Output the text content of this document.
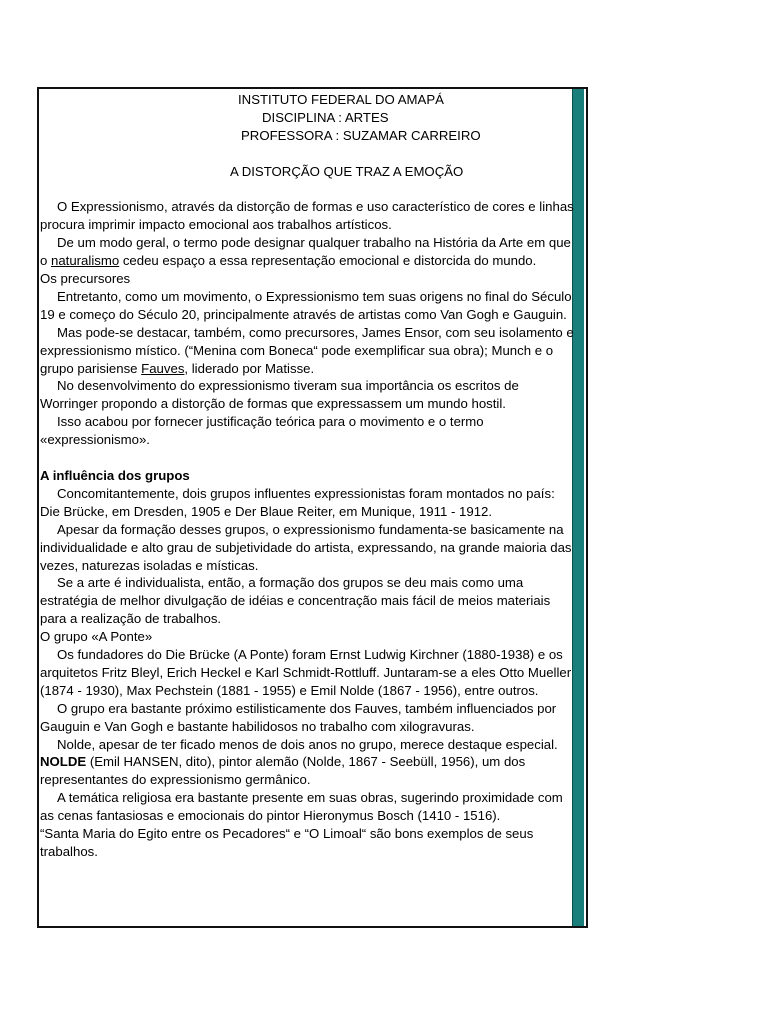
INSTITUTO FEDERAL DO AMAPÁ
DISCIPLINA : ARTES
PROFESSORA : SUZAMAR CARREIRO
A DISTORÇÃO QUE TRAZ A EMOÇÃO

O Expressionismo, através da distorção de formas e uso característico de cores e linhas procura imprimir impacto emocional aos trabalhos artísticos.

De um modo geral, o termo pode designar qualquer trabalho na História da Arte em que o naturalismo cedeu espaço a essa representação emocional e distorcida do mundo.

Os precursores

Entretanto, como um movimento, o Expressionismo tem suas origens no final do Século 19 e começo do Século 20, principalmente através de artistas como Van Gogh e Gauguin.

Mas pode-se destacar, também, como precursores, James Ensor, com seu isolamento e expressionismo místico. (“Menina com Boneca“ pode exemplificar sua obra); Munch e o grupo parisiense Fauves, liderado por Matisse.

No desenvolvimento do expressionismo tiveram sua importância os escritos de Worringer propondo a distorção de formas que expressassem um mundo hostil.

Isso acabou por fornecer justificação teórica para o movimento e o termo «expressionismo».

A influência dos grupos

Concomitantemente, dois grupos influentes expressionistas foram montados no país: Die Brücke, em Dresden, 1905 e Der Blaue Reiter, em Munique, 1911 - 1912.

Apesar da formação desses grupos, o expressionismo fundamenta-se basicamente na individualidade e alto grau de subjetividade do artista, expressando, na grande maioria das vezes, naturezas isoladas e místicas.

Se a arte é individualista, então, a formação dos grupos se deu mais como uma estratégia de melhor divulgação de idéias e concentração mais fácil de meios materiais para a realização de trabalhos.

O grupo «A Ponte»

Os fundadores do Die Brücke (A Ponte) foram Ernst Ludwig Kirchner (1880-1938) e os arquitetos Fritz Bleyl, Erich Heckel e Karl Schmidt-Rottluff. Juntaram-se a eles Otto Mueller (1874 - 1930), Max Pechstein (1881 - 1955) e Emil Nolde (1867 - 1956), entre outros.

O grupo era bastante próximo estilisticamente dos Fauves, também influenciados por Gauguin e Van Gogh e bastante habilidosos no trabalho com xilogravuras.

Nolde, apesar de ter ficado menos de dois anos no grupo, merece destaque especial.

NOLDE (Emil HANSEN, dito), pintor alemão (Nolde, 1867 - Seebüll, 1956), um dos representantes do expressionismo germânico.

A temática religiosa era bastante presente em suas obras, sugerindo proximidade com as cenas fantasiosas e emocionais do pintor Hieronymus Bosch (1410 - 1516).

“Santa Maria do Egito entre os Pecadores“ e “O Limoal“ são bons exemplos de seus trabalhos.
